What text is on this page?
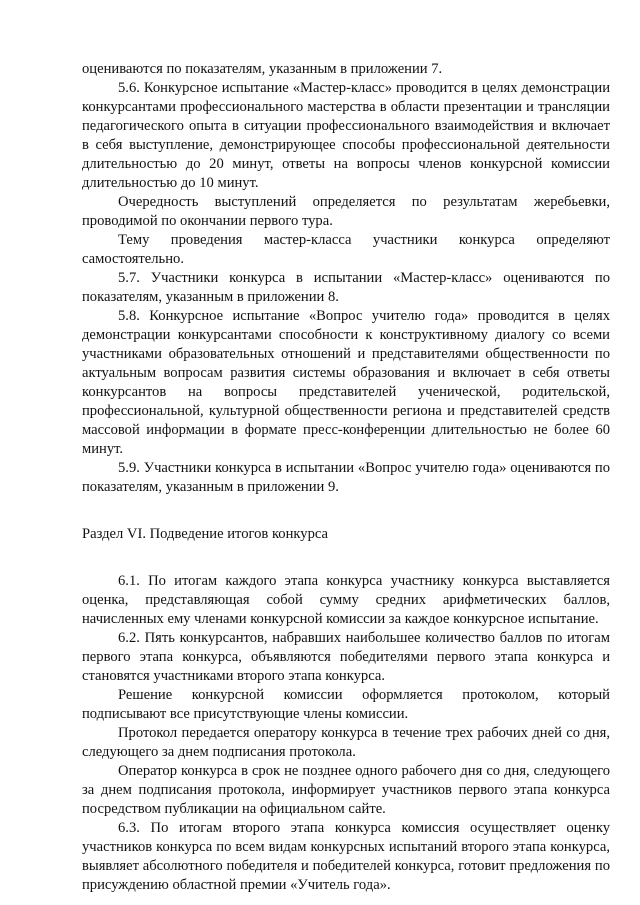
оцениваются по показателям, указанным в приложении 7.

5.6. Конкурсное испытание «Мастер-класс» проводится в целях демонстрации конкурсантами профессионального мастерства в области презентации и трансляции педагогического опыта в ситуации профессионального взаимодействия и включает в себя выступление, демонстрирующее способы профессиональной деятельности длительностью до 20 минут, ответы на вопросы членов конкурсной комиссии длительностью до 10 минут.

Очередность выступлений определяется по результатам жеребьевки, проводимой по окончании первого тура.

Тему проведения мастер-класса участники конкурса определяют самостоятельно.

5.7. Участники конкурса в испытании «Мастер-класс» оцениваются по показателям, указанным в приложении 8.

5.8. Конкурсное испытание «Вопрос учителю года» проводится в целях демонстрации конкурсантами способности к конструктивному диалогу со всеми участниками образовательных отношений и представителями общественности по актуальным вопросам развития системы образования и включает в себя ответы конкурсантов на вопросы представителей ученической, родительской, профессиональной, культурной общественности региона и представителей средств массовой информации в формате пресс-конференции длительностью не более 60 минут.

5.9. Участники конкурса в испытании «Вопрос учителю года» оцениваются по показателям, указанным в приложении 9.

Раздел VI. Подведение итогов конкурса

6.1. По итогам каждого этапа конкурса участнику конкурса выставляется оценка, представляющая собой сумму средних арифметических баллов, начисленных ему членами конкурсной комиссии за каждое конкурсное испытание.

6.2. Пять конкурсантов, набравших наибольшее количество баллов по итогам первого этапа конкурса, объявляются победителями первого этапа конкурса и становятся участниками второго этапа конкурса.

Решение конкурсной комиссии оформляется протоколом, который подписывают все присутствующие члены комиссии.

Протокол передается оператору конкурса в течение трех рабочих дней со дня, следующего за днем подписания протокола.

Оператор конкурса в срок не позднее одного рабочего дня со дня, следующего за днем подписания протокола, информирует участников первого этапа конкурса посредством публикации на официальном сайте.

6.3. По итогам второго этапа конкурса комиссия осуществляет оценку участников конкурса по всем видам конкурсных испытаний второго этапа конкурса, выявляет абсолютного победителя и победителей конкурса, готовит предложения по присуждению областной премии «Учитель года».
